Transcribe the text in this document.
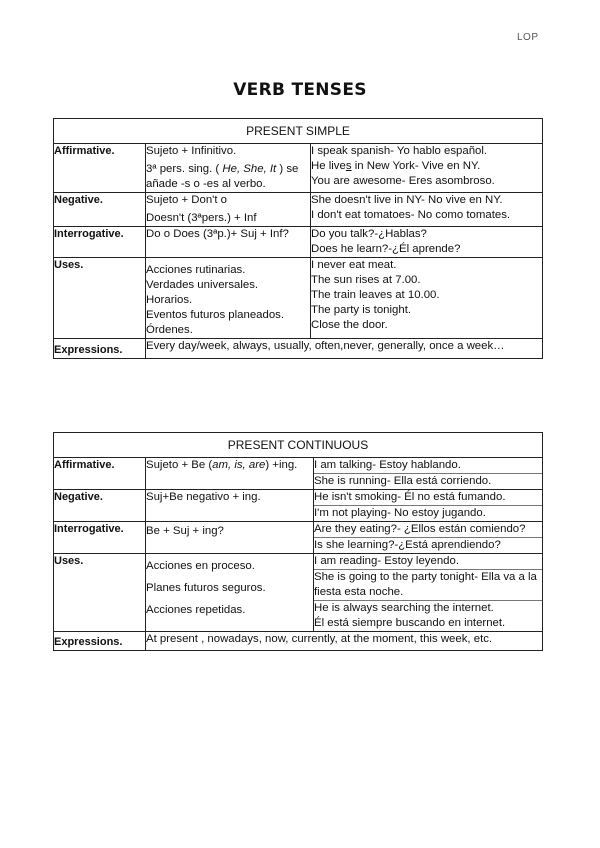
LOP
VERB TENSES
PRESENT SIMPLE		
Affirmative.	Sujeto + Infinitivo.
3ª pers. sing. ( He, She, It ) se
añade -s o -es al verbo.	I speak spanish- Yo hablo español.
He lives in New York- Vive en NY.
You are awesome- Eres asombroso.

Negative.	Sujeto + Don't o
Doesn't (3ªpers.) + Inf	She doesn't live in NY- No vive en NY.
I don't eat tomatoes- No como tomates.

Interrogative.	Do o Does (3ªp.)+ Suj + Inf?	Do you talk?-¿Hablas?
Does he learn?-¿Él aprende?

Uses.	Acciones rutinarias.
Verdades universales.
Horarios.
Eventos futuros planeados.
Órdenes.	I never eat meat.
The sun rises at 7.00.
The train leaves at 10.00.
The party is tonight.
Close the door.

Expressions.	Every day/week, always, usually, often,never, generally, once a week…	
PRESENT CONTINUOUS		
Affirmative.	Sujeto + Be (am, is, are) +ing.	I am talking- Estoy hablando.
She is running- Ella está corriendo.

Negative.	Suj+Be negativo + ing.	He isn't smoking- Él no está fumando.
I'm not playing- No estoy jugando.

Interrogative.	Be + Suj + ing?	Are they eating?- ¿Ellos están comiendo?
Is she learning?-¿Está aprendiendo?

Uses.	Acciones en proceso.
Planes futuros seguros.
Acciones repetidas.	I am reading- Estoy leyendo.
She is going to the party tonight- Ella va a la fiesta esta noche.
He is always searching the internet.
Él está siempre buscando en internet.

Expressions.	At present , nowadays, now, currently, at the moment, this week, etc.	
